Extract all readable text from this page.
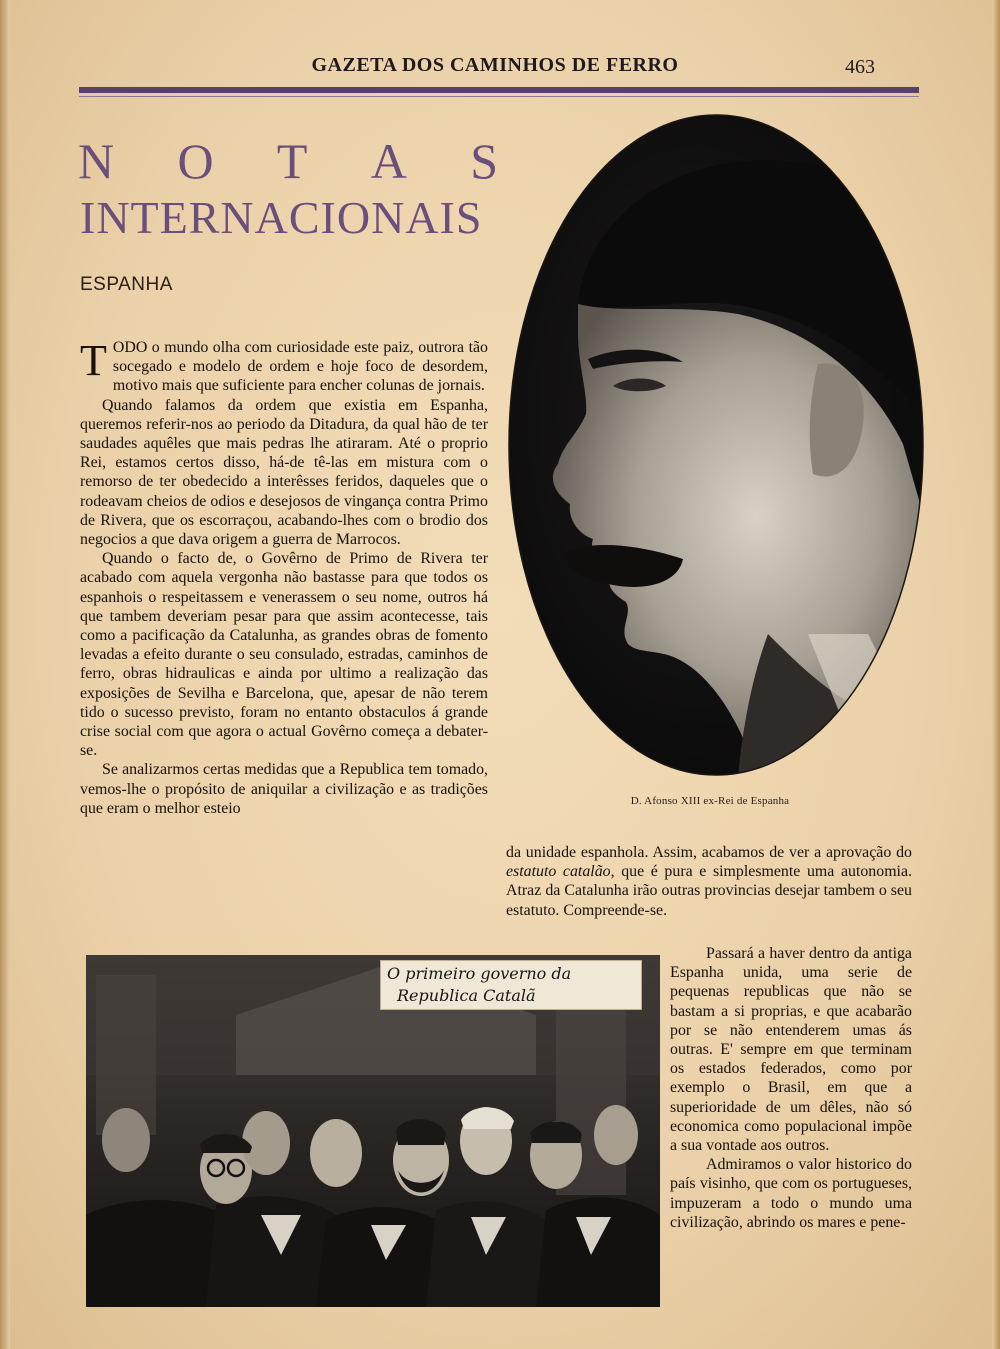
GAZETA DOS CAMINHOS DE FERRO	463
N O T A S
INTERNACIONAIS
ESPANHA

TODO o mundo olha com curiosidade este paiz, outrora tão socegado e modelo de ordem e hoje foco de desordem, motivo mais que suficiente para encher colunas de jornais.

Quando falamos da ordem que existia em Espanha, queremos referir-nos ao periodo da Ditadura, da qual hão de ter saudades aquêles que mais pedras lhe atiraram. Até o proprio Rei, estamos certos disso, há-de tê-las em mistura com o remorso de ter obedecido a interêsses feridos, daqueles que o rodeavam cheios de odios e desejosos de vingança contra Primo de Rivera, que os escorraçou, acabando-lhes com o brodio dos negocios a que dava origem a guerra de Marrocos.

Quando o facto de, o Govêrno de Primo de Rivera ter acabado com aquela vergonha não bastasse para que todos os espanhois o respeitassem e venerassem o seu nome, outros há que tambem deveriam pesar para que assim acontecesse, tais como a pacificação da Catalunha, as grandes obras de fomento levadas a efeito durante o seu consulado, estradas, caminhos de ferro, obras hidraulicas e ainda por ultimo a realização das exposições de Sevilha e Barcelona, que, apesar de não terem tido o sucesso previsto, foram no entanto obstaculos á grande crise social com que agora o actual Govêrno começa a debater-se.

Se analizarmos certas medidas que a Republica tem tomado, vemos-lhe o propósito de aniquilar a civilização e as tradições que eram o melhor esteio	D. Afonso XIII ex-Rei de Espanha

da unidade espanhola. Assim, acabamos de ver a aprovação do estatuto catalão, que é pura e simplesmente uma autonomia. Atraz da Catalunha irão outras provincias desejar tambem o seu estatuto. Compreende-se.

O primeiro governo da
Republica Catalã

Passará a haver dentro da antiga Espanha unida, uma serie de pequenas republicas que não se bastam a si proprias, e que acabarão por se não entenderem umas ás outras. E' sempre em que terminam os estados federados, como por exemplo o Brasil, em que a superioridade de um dêles, não só economica como populacional impõe a sua vontade aos outros.

Admiramos o valor historico do país visinho, que com os portugueses, impuzeram a todo o mundo uma civilização, abrindo os mares e pene-
